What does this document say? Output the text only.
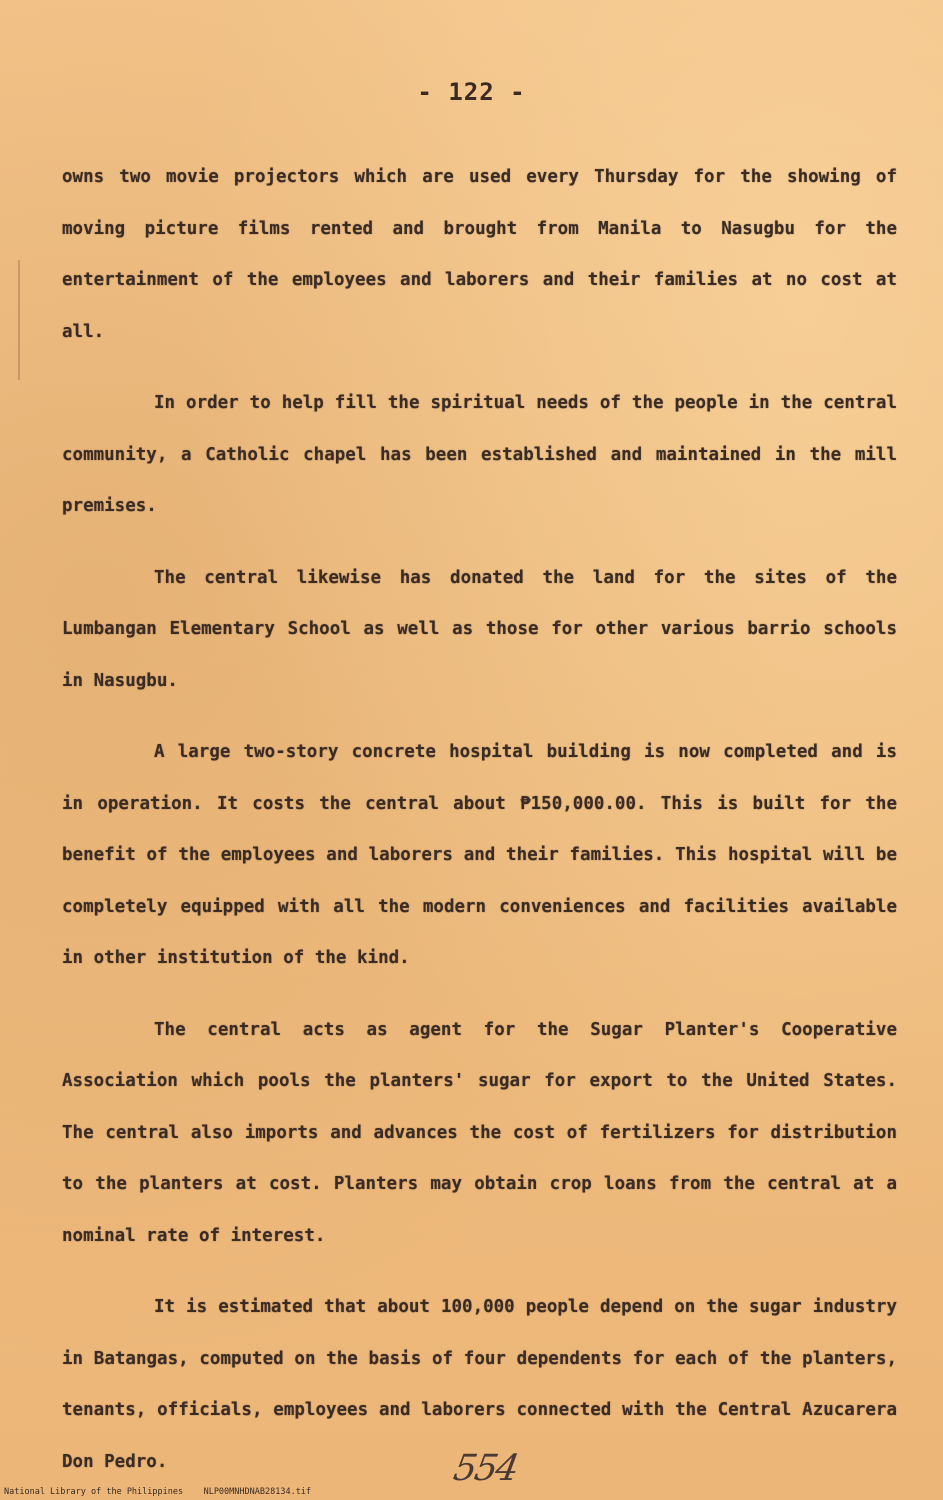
- 122 -

owns two movie projectors which are used every Thursday for the showing of moving picture films rented and brought from Manila to Nasugbu for the entertainment of the employees and laborers and their families at no cost at all.

In order to help fill the spiritual needs of the people in the central community, a Catholic chapel has been established and maintained in the mill premises.

The central likewise has donated the land for the sites of the Lumbangan Elementary School as well as those for other various barrio schools in Nasugbu.

A large two-story concrete hospital building is now completed and is in operation. It costs the central about ₱150,000.00. This is built for the benefit of the employees and laborers and their families. This hospital will be completely equipped with all the modern conveniences and facilities available in other institution of the kind.

The central acts as agent for the Sugar Planter's Cooperative Association which pools the planters' sugar for export to the United States. The central also imports and advances the cost of fertilizers for distribution to the planters at cost. Planters may obtain crop loans from the central at a nominal rate of interest.

It is estimated that about 100,000 people depend on the sugar industry in Batangas, computed on the basis of four dependents for each of the planters, tenants, officials, employees and laborers connected with the Central Azucarera Don Pedro.	554
National Library of the Philippines    NLP00MNHDNAB28134.tif
